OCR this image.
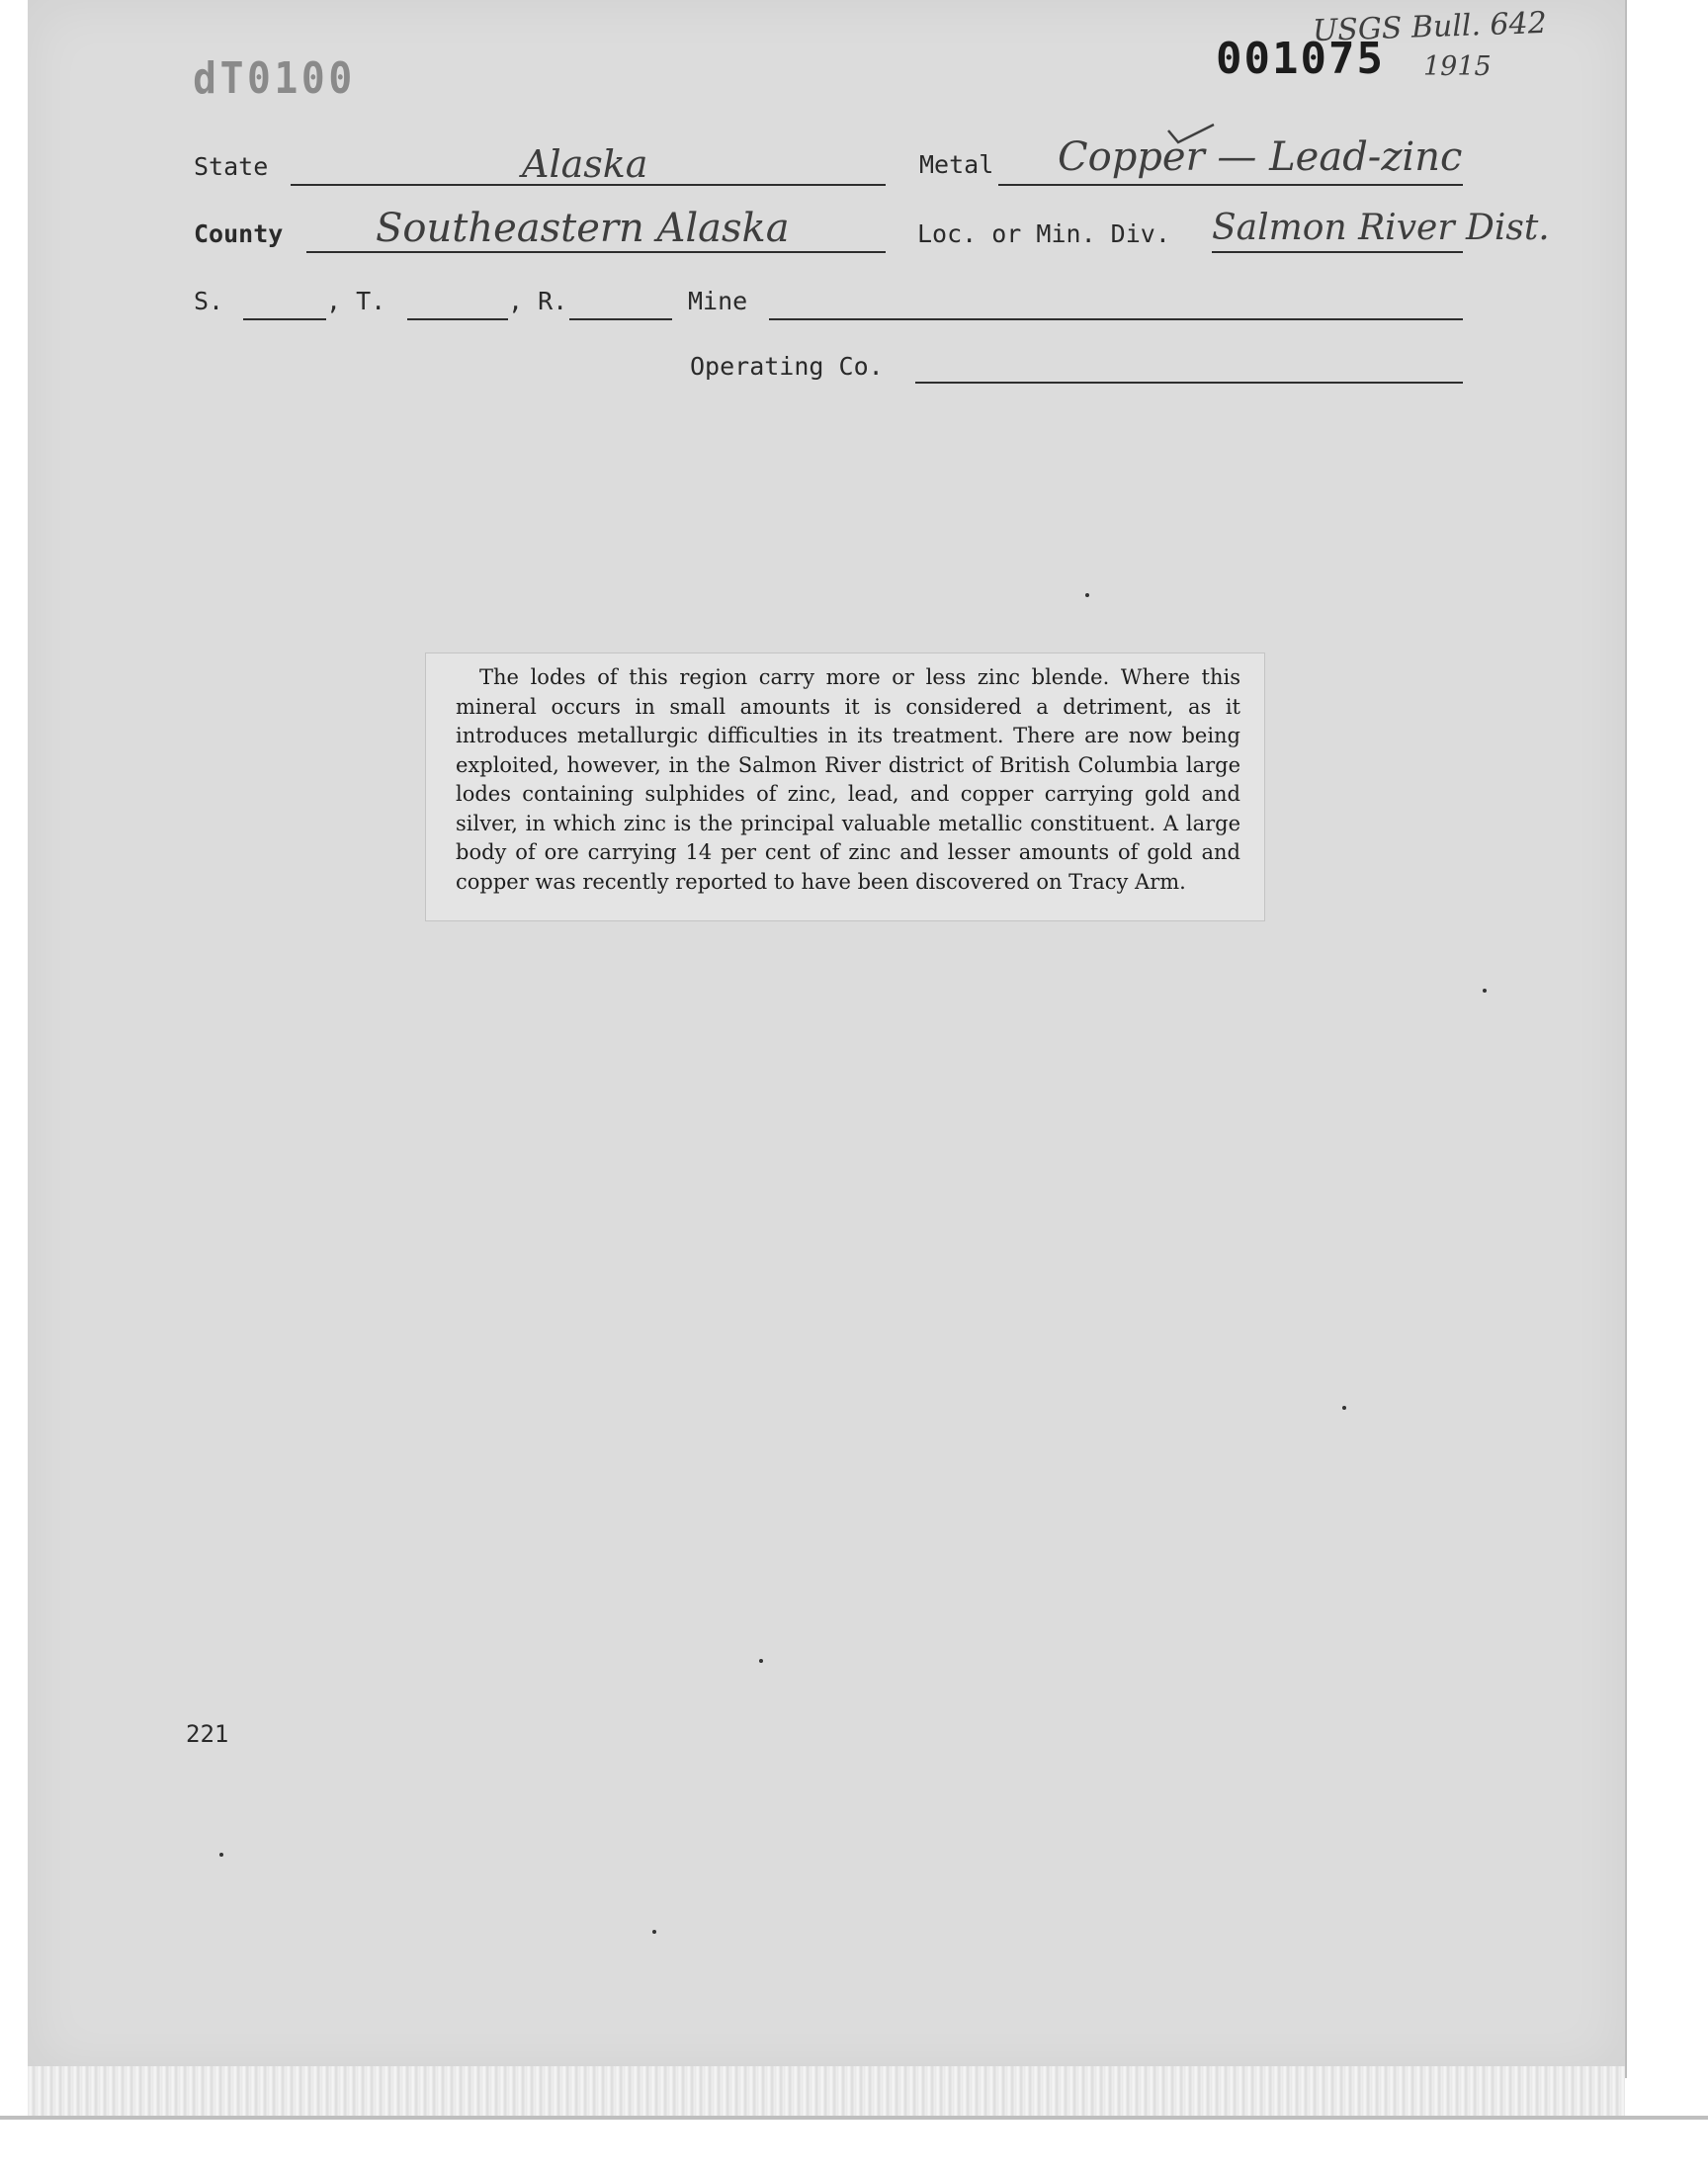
dT0100	001075
USGS Bull. 642
1915
State	Alaska	Metal Copper — Lead-zinc
County Southeastern Alaska	Loc. or Min. Div. Salmon River Dist.
S.	, T.	, R.	Mine
Operating Co.

The lodes of this region carry more or less zinc blende. Where this mineral occurs in small amounts it is considered a detriment, as it introduces metallurgic difficulties in its treatment. There are now being exploited, however, in the Salmon River district of British Columbia large lodes containing sulphides of zinc, lead, and copper carrying gold and silver, in which zinc is the principal valuable metallic constituent. A large body of ore carrying 14 per cent of zinc and lesser amounts of gold and copper was recently reported to have been discovered on Tracy Arm.

221
